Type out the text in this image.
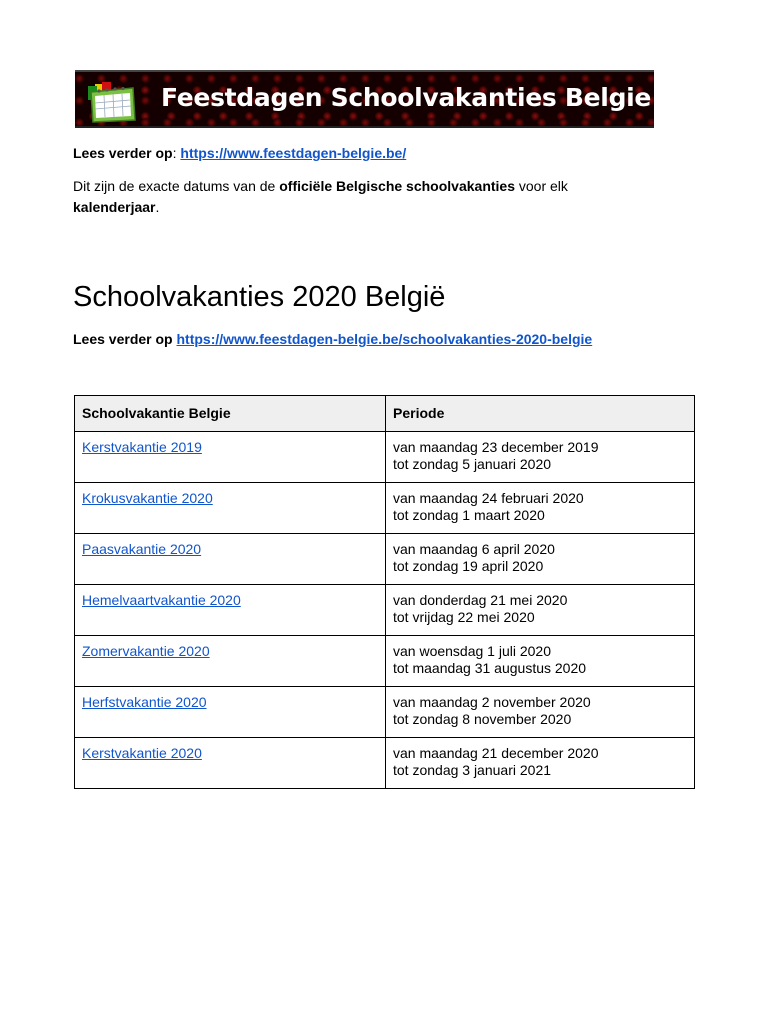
Feestdagen Schoolvakanties Belgie
Lees verder op: https://www.feestdagen-belgie.be/
Dit zijn de exacte datums van de officiële Belgische schoolvakanties voor elk kalenderjaar.
Schoolvakanties 2020 België
Lees verder op https://www.feestdagen-belgie.be/schoolvakanties-2020-belgie
Schoolvakantie Belgie	Periode
Kerstvakantie 2019	van maandag 23 december 2019
tot zondag 5 januari 2020

Krokusvakantie 2020	van maandag 24 februari 2020
tot zondag 1 maart 2020

Paasvakantie 2020	van maandag 6 april 2020
tot zondag 19 april 2020

Hemelvaartvakantie 2020	van donderdag 21 mei 2020
tot vrijdag 22 mei 2020

Zomervakantie 2020	van woensdag 1 juli 2020
tot maandag 31 augustus 2020

Herfstvakantie 2020	van maandag 2 november 2020
tot zondag 8 november 2020

Kerstvakantie 2020	van maandag 21 december 2020
tot zondag 3 januari 2021
